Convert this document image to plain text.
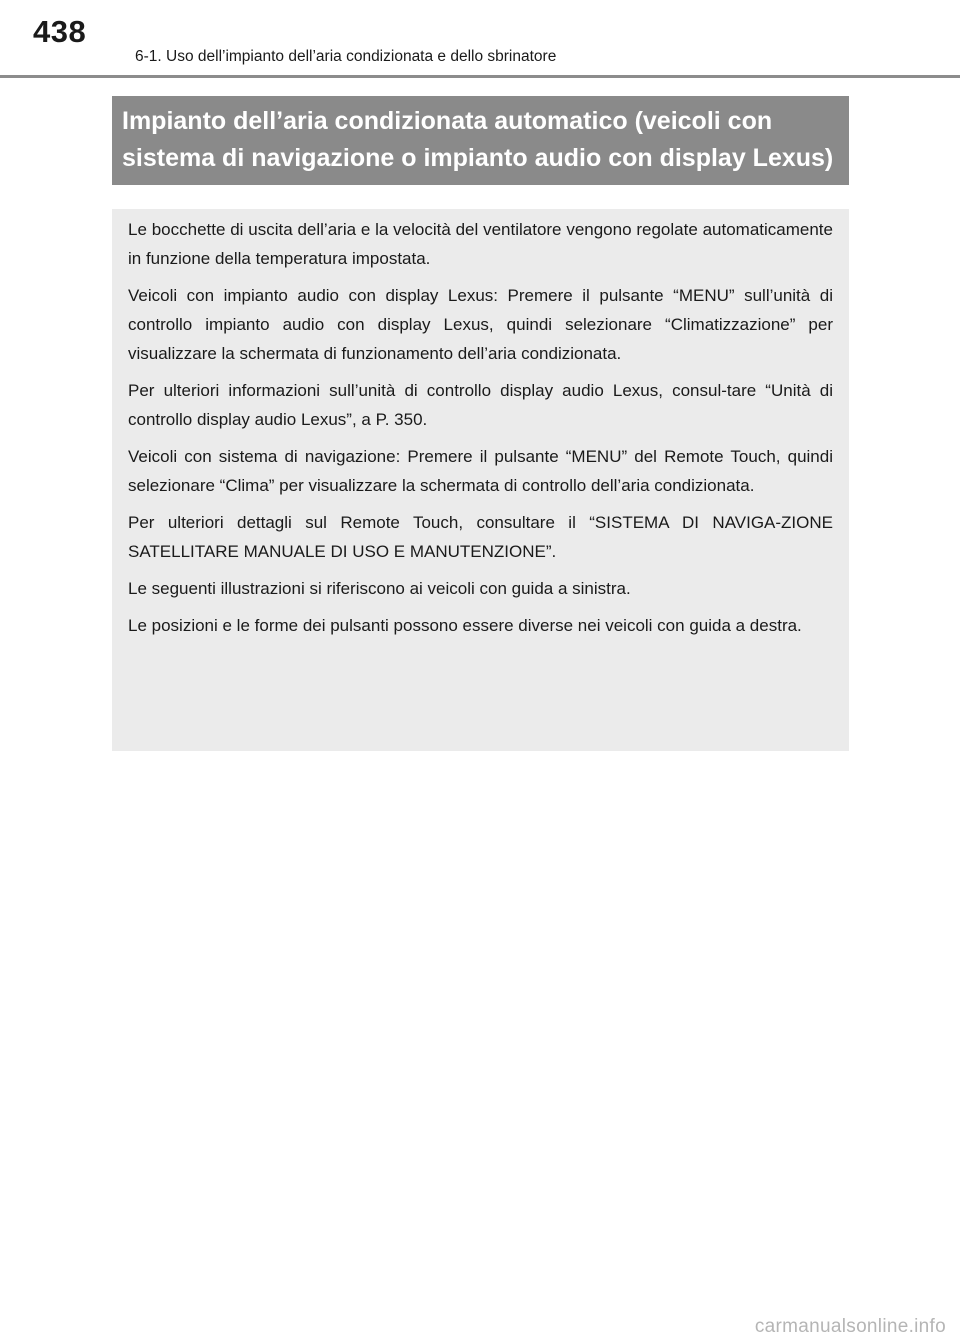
438
6-1. Uso dell’impianto dell’aria condizionata e dello sbrinatore
Impianto dell’aria condizionata automatico (veicoli con sistema di navigazione o impianto audio con display Lexus)

Le bocchette di uscita dell’aria e la velocità del ventilatore vengono regolate automaticamente in funzione della temperatura impostata.

Veicoli con impianto audio con display Lexus: Premere il pulsante “MENU” sull’unità di controllo impianto audio con display Lexus, quindi selezionare “Climatizzazione” per visualizzare la schermata di funzionamento dell’aria condizionata.

Per ulteriori informazioni sull’unità di controllo display audio Lexus, consul-tare “Unità di controllo display audio Lexus”, a P. 350.

Veicoli con sistema di navigazione: Premere il pulsante “MENU” del Remote Touch, quindi selezionare “Clima” per visualizzare la schermata di controllo dell’aria condizionata.

Per ulteriori dettagli sul Remote Touch, consultare il “SISTEMA DI NAVIGA-ZIONE SATELLITARE MANUALE DI USO E MANUTENZIONE”.

Le seguenti illustrazioni si riferiscono ai veicoli con guida a sinistra.

Le posizioni e le forme dei pulsanti possono essere diverse nei veicoli con guida a destra.

carmanualsonline.info
